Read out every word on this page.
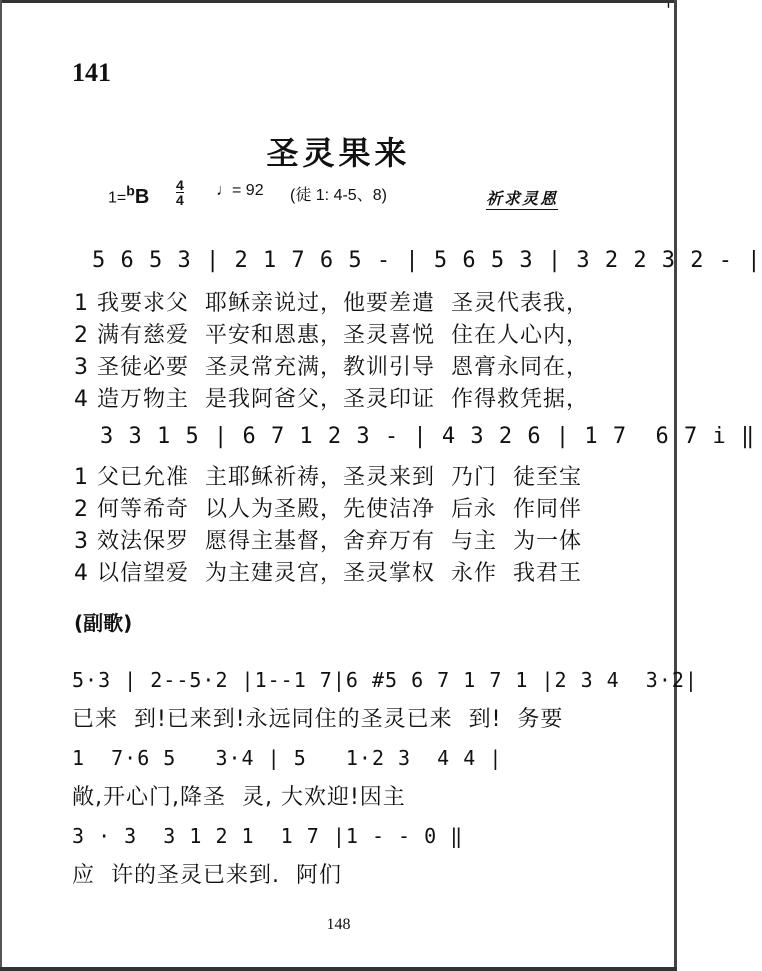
'
141
圣灵果来
1=$^b$B
4
4
♩= 92 (徒 1: 4-5、8)	祈求灵恩
5 6 5 3 | 2 1 7 6 5 - | 5 6 5 3 | 3 2 2 3 2 - |
1 我要求父  耶稣亲说过，他要差遣  圣灵代表我，
2 满有慈爱  平安和恩惠，圣灵喜悦  住在人心内，
3 圣徒必要  圣灵常充满，教训引导  恩膏永同在，
4 造万物主  是我阿爸父，圣灵印证  作得救凭据，
3 3 1 5 | 6 7 1 2 3 - | 4 3 2 6 | 1 7  6 7 i ‖
1 父已允准  主耶稣祈祷，圣灵来到  乃门  徒至宝
2 何等希奇  以人为圣殿，先使洁净  后永  作同伴
3 效法保罗  愿得主基督，舍弃万有  与主  为一体
4 以信望爱  为主建灵宫，圣灵掌权  永作  我君王
(副歌)
5·3 | 2--5·2 |1--1 7|6 #5 6 7 1 7 1 |2 3 4  3·2|
已来  到!已来到!永远同住的圣灵已来  到!  务要
1  7·6 5   3·4 | 5   1·2 3  4 4 |
敞,开心门,降圣  灵, 大欢迎!因主
3 · 3  3 1 2 1  1 7 |1 - - 0 ‖
应  许的圣灵已来到.  阿们
148
